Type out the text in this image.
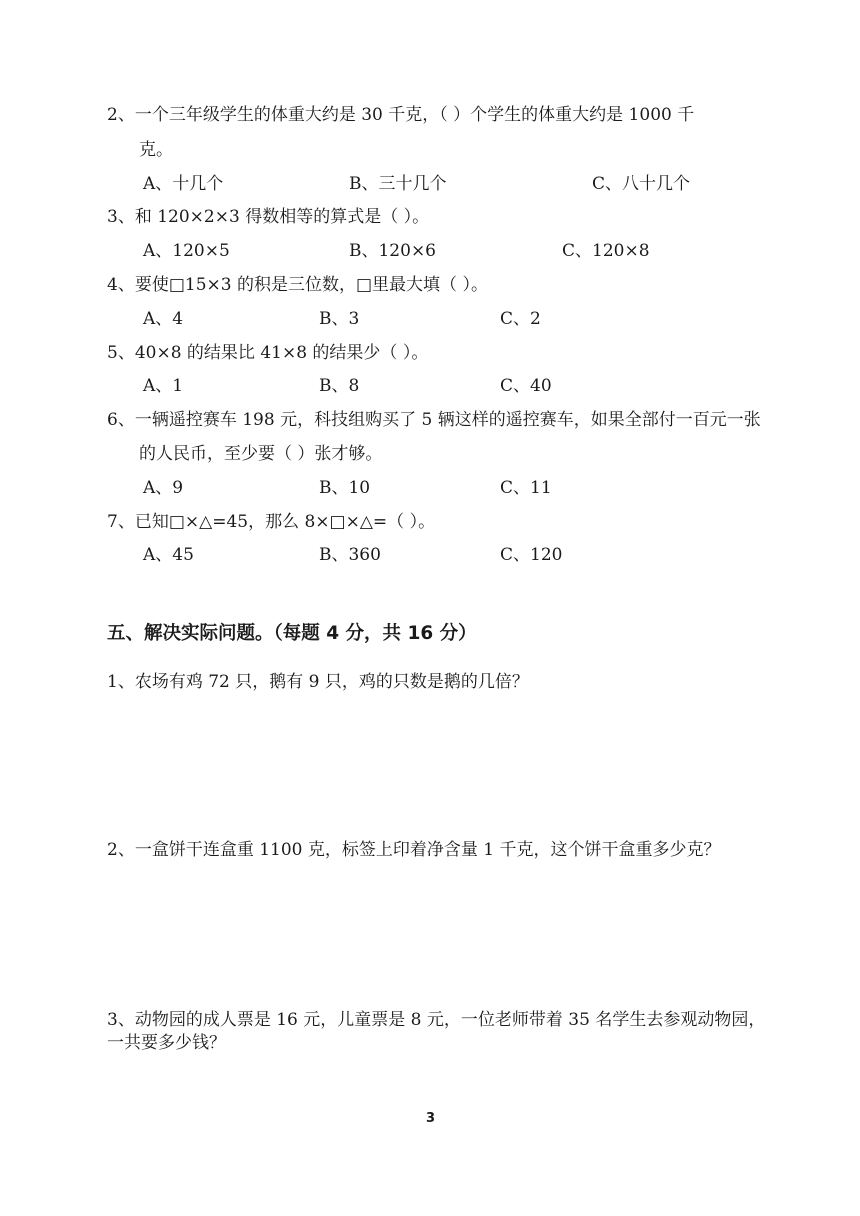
2、一个三年级学生的体重大约是 30 千克，（ ）个学生的体重大约是 1000 千
克。
A、十几个	B、三十几个	C、八十几个
3、和 120×2×3 得数相等的算式是（ ）。
A、120×5	B、120×6	C、120×8
4、要使□15×3 的积是三位数，□里最大填（ ）。
A、4	B、3	C、2
5、40×8 的结果比 41×8 的结果少（ ）。
A、1	B、8	C、40
6、一辆遥控赛车 198 元，科技组购买了 5 辆这样的遥控赛车，如果全部付一百元一张
的人民币，至少要（ ）张才够。
A、9	B、10	C、11
7、已知□×△=45，那么 8×□×△=（ ）。
A、45	B、360	C、120
五、解决实际问题。（每题 4 分，共 16 分）
1、农场有鸡 72 只，鹅有 9 只，鸡的只数是鹅的几倍？
2、一盒饼干连盒重 1100 克，标签上印着净含量 1 千克，这个饼干盒重多少克？
3、动物园的成人票是 16 元，儿童票是 8 元，一位老师带着 35 名学生去参观动物园，
一共要多少钱？
3
